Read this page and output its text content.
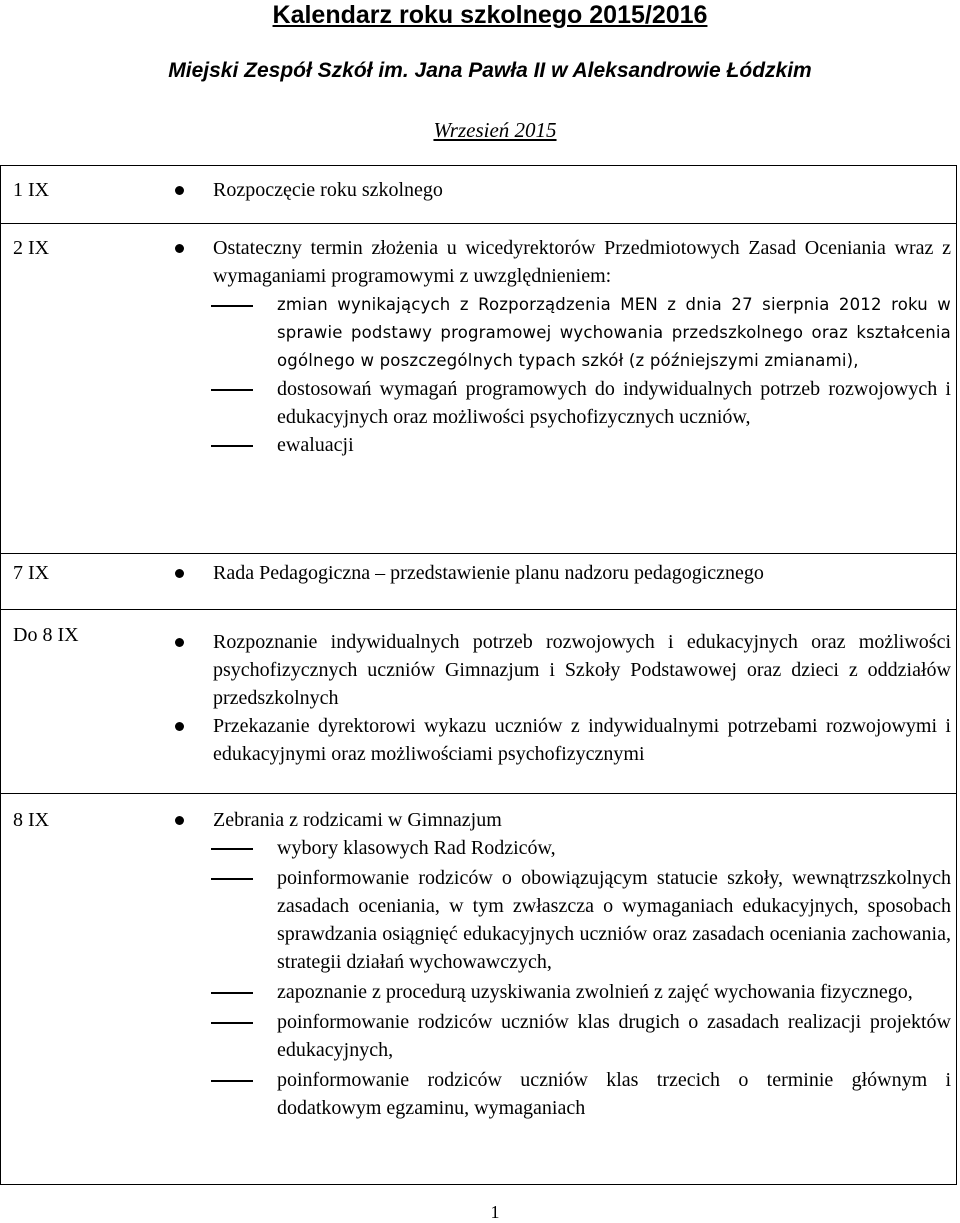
Kalendarz roku szkolnego 2015/2016
Miejski Zespół Szkół im. Jana Pawła II w Aleksandrowie Łódzkim
Wrzesień 2015
1 IX	Rozpoczęcie roku szkolnego
2 IX	Ostateczny termin złożenia u wicedyrektorów Przedmiotowych Zasad Oceniania wraz z wymaganiami programowymi z uwzględnieniem:
zmian wynikających z Rozporządzenia MEN z dnia 27 sierpnia 2012 roku w sprawie podstawy programowej wychowania przedszkolnego oraz kształcenia ogólnego w poszczególnych typach szkół (z późniejszymi zmianami),
dostosowań wymagań programowych do indywidualnych potrzeb rozwojowych i edukacyjnych oraz możliwości psychofizycznych uczniów,
ewaluacji
7 IX	Rada Pedagogiczna – przedstawienie planu nadzoru pedagogicznego
Do 8 IX	Rozpoznanie indywidualnych potrzeb rozwojowych i edukacyjnych oraz możliwości psychofizycznych uczniów Gimnazjum i Szkoły Podstawowej oraz dzieci z oddziałów przedszkolnych
Przekazanie dyrektorowi wykazu uczniów z indywidualnymi potrzebami rozwojowymi i edukacyjnymi oraz możliwościami psychofizycznymi
8 IX	Zebrania z rodzicami w Gimnazjum
wybory klasowych Rad Rodziców,
poinformowanie rodziców o obowiązującym statucie szkoły, wewnątrzszkolnych zasadach oceniania, w tym zwłaszcza o wymaganiach edukacyjnych, sposobach sprawdzania osiągnięć edukacyjnych uczniów oraz zasadach oceniania zachowania, strategii działań wychowawczych,
zapoznanie z procedurą uzyskiwania zwolnień z zajęć wychowania fizycznego,
poinformowanie rodziców uczniów klas drugich o zasadach realizacji projektów edukacyjnych,
poinformowanie rodziców uczniów klas trzecich o terminie głównym i dodatkowym egzaminu, wymaganiach
1
